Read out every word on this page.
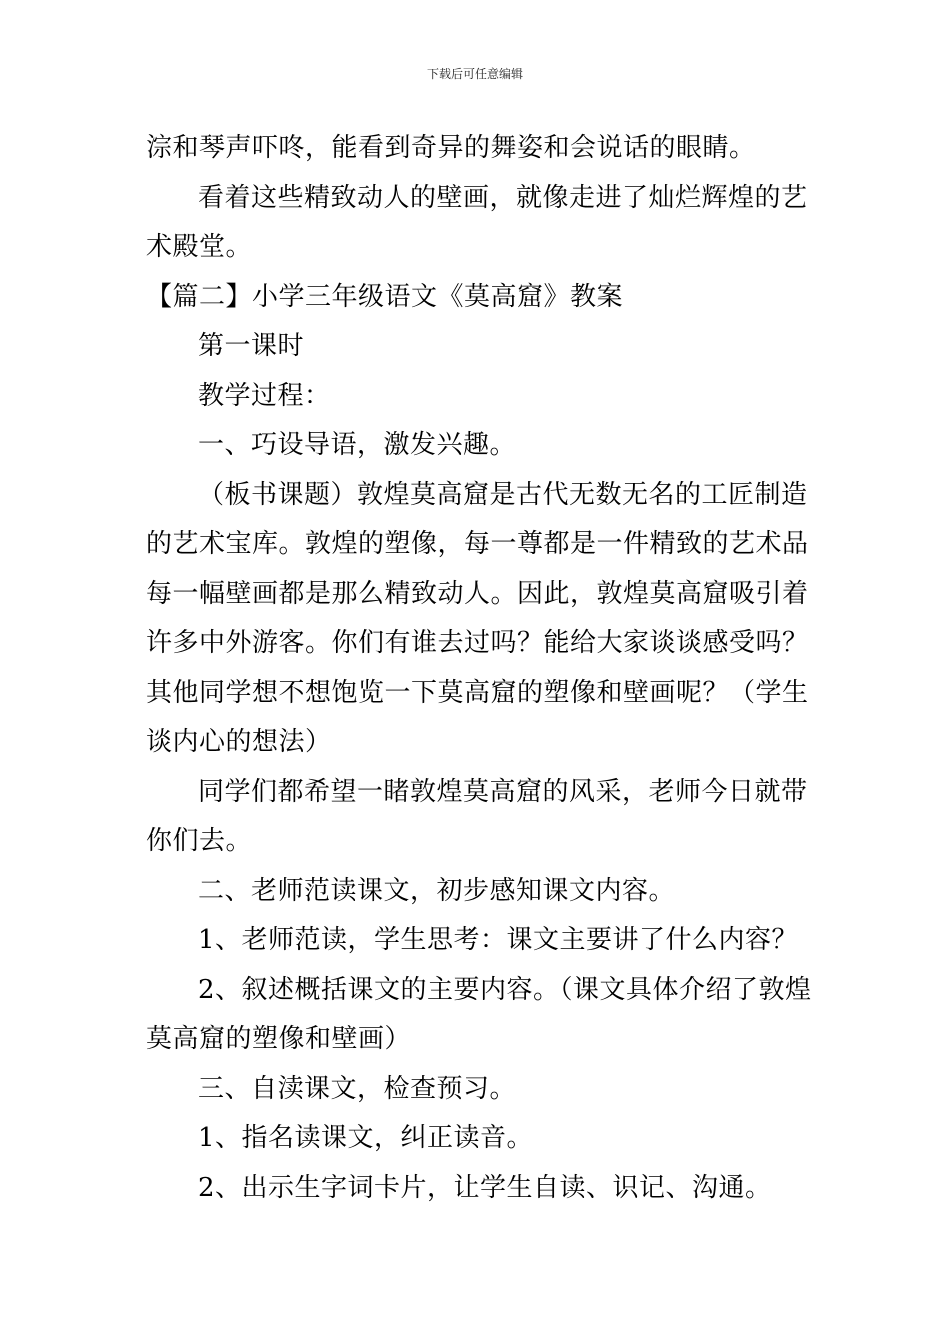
下载后可任意编辑
淙和琴声吓咚，能看到奇异的舞姿和会说话的眼睛。
看着这些精致动人的壁画，就像走进了灿烂辉煌的艺
术殿堂。
【篇二】小学三年级语文《莫高窟》教案
第一课时
教学过程：
一、巧设导语，激发兴趣。
（板书课题）敦煌莫高窟是古代无数无名的工匠制造
的艺术宝库。敦煌的塑像，每一尊都是一件精致的艺术品
每一幅壁画都是那么精致动人。因此，敦煌莫高窟吸引着
许多中外游客。你们有谁去过吗？能给大家谈谈感受吗？
其他同学想不想饱览一下莫高窟的塑像和壁画呢？（学生
谈内心的想法）
同学们都希望一睹敦煌莫高窟的风采，老师今日就带
你们去。
二、老师范读课文，初步感知课文内容。
1、老师范读，学生思考：课文主要讲了什么内容？
2、叙述概括课文的主要内容。（课文具体介绍了敦煌
莫高窟的塑像和壁画）
三、自渎课文，检查预习。
1、指名读课文，纠正读音。
2、出示生字词卡片，让学生自读、识记、沟通。
